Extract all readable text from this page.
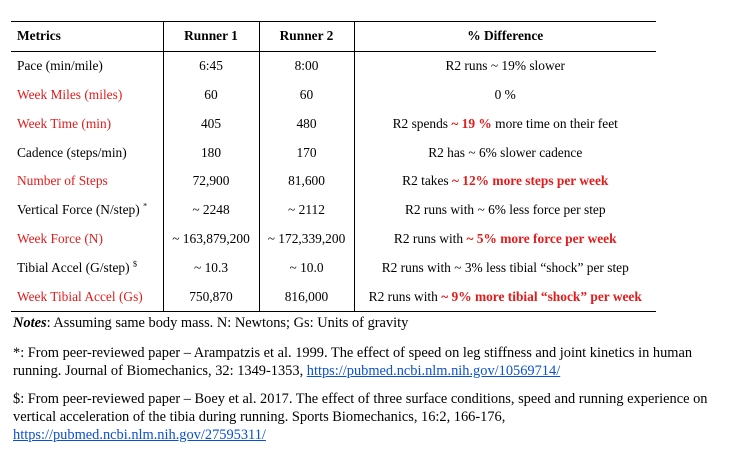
Metrics	Runner 1	Runner 2	% Difference
Pace (min/mile)	6:45	8:00	R2 runs ~ 19% slower
Week Miles (miles)	60	60	0 %
Week Time (min)	405	480	R2 spends ~ 19 % more time on their feet
Cadence (steps/min)	180	170	R2 has ~ 6% slower cadence
Number of Steps	72,900	81,600	R2 takes ~ 12% more steps per week
Vertical Force (N/step) *	~ 2248	~ 2112	R2 runs with ~ 6% less force per step
Week Force (N)	~ 163,879,200	~ 172,339,200	R2 runs with ~ 5% more force per week
Tibial Accel (G/step) $	~ 10.3	~ 10.0	R2 runs with ~ 3% less tibial “shock” per step
Week Tibial Accel (Gs)	750,870	816,000	R2 runs with ~ 9% more tibial “shock” per week

Notes: Assuming same body mass. N: Newtons; Gs: Units of gravity

*: From peer-reviewed paper – Arampatzis et al. 1999. The effect of speed on leg stiffness and joint kinetics in human running. Journal of Biomechanics, 32: 1349-1353, https://pubmed.ncbi.nlm.nih.gov/10569714/

$: From peer-reviewed paper – Boey et al. 2017. The effect of three surface conditions, speed and running experience on vertical acceleration of the tibia during running. Sports Biomechanics, 16:2, 166-176, https://pubmed.ncbi.nlm.nih.gov/27595311/
